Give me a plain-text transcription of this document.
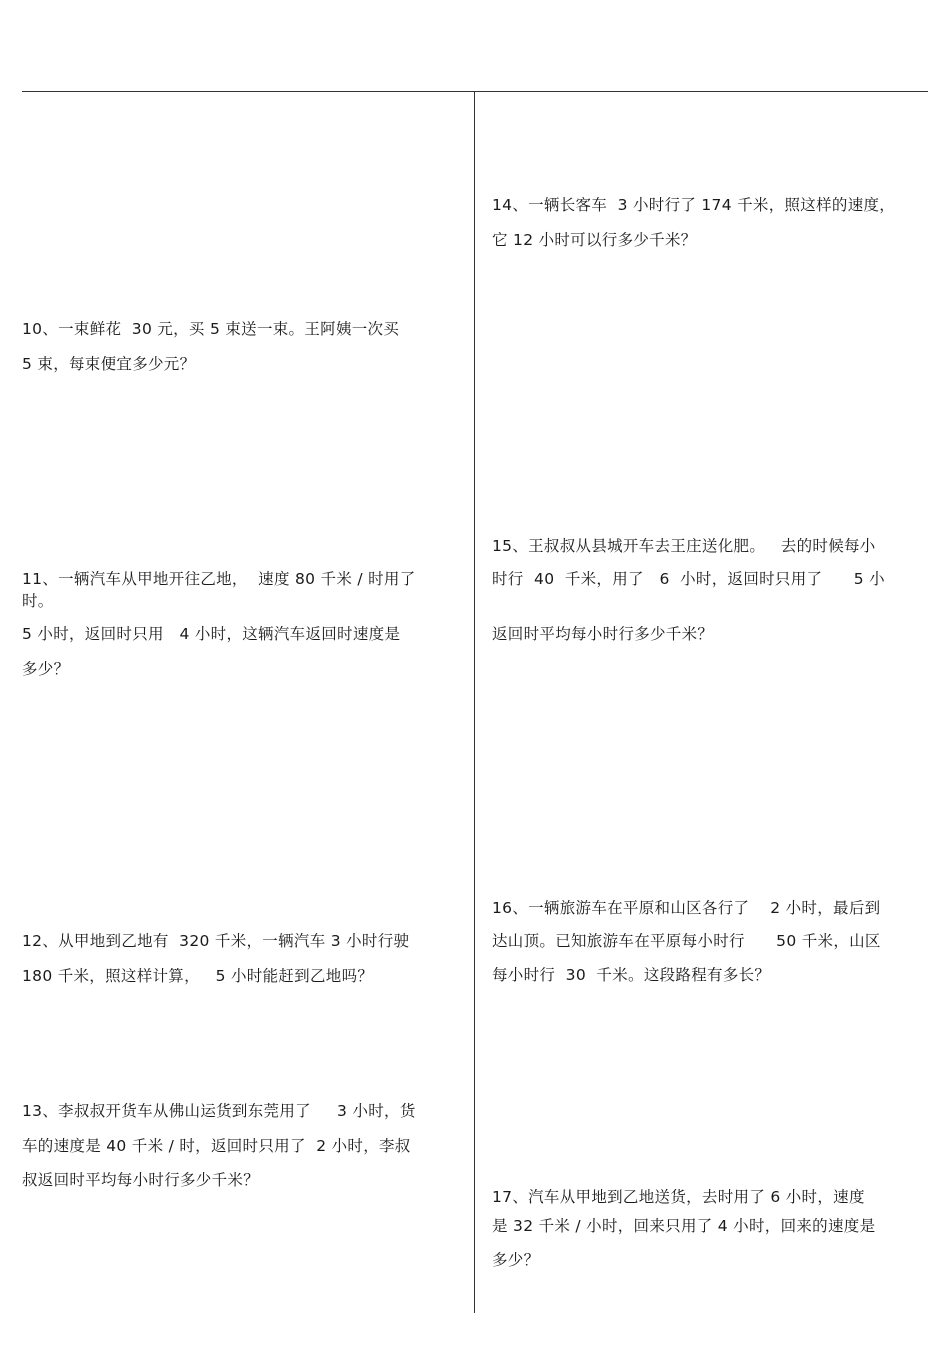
10、一束鲜花  30 元，买 5 束送一束。王阿姨一次买
5 束，每束便宜多少元？
11、一辆汽车从甲地开往乙地，  速度 80 千米 / 时用了
时。
5 小时，返回时只用   4 小时，这辆汽车返回时速度是
多少？
12、从甲地到乙地有  320 千米，一辆汽车 3 小时行驶
180 千米，照这样计算，   5 小时能赶到乙地吗？
13、李叔叔开货车从佛山运货到东莞用了     3 小时，货
车的速度是 40 千米 / 时，返回时只用了  2 小时，李叔
叔返回时平均每小时行多少千米？
14、一辆长客车  3 小时行了 174 千米，照这样的速度，
它 12 小时可以行多少千米？
15、王叔叔从县城开车去王庄送化肥。   去的时候每小
时行  40  千米，用了   6  小时，返回时只用了      5 小
返回时平均每小时行多少千米？
16、一辆旅游车在平原和山区各行了    2 小时，最后到
达山顶。已知旅游车在平原每小时行      50 千米，山区
每小时行  30  千米。这段路程有多长？
17、汽车从甲地到乙地送货，去时用了 6 小时，速度
是 32 千米 / 小时，回来只用了 4 小时，回来的速度是
多少？
